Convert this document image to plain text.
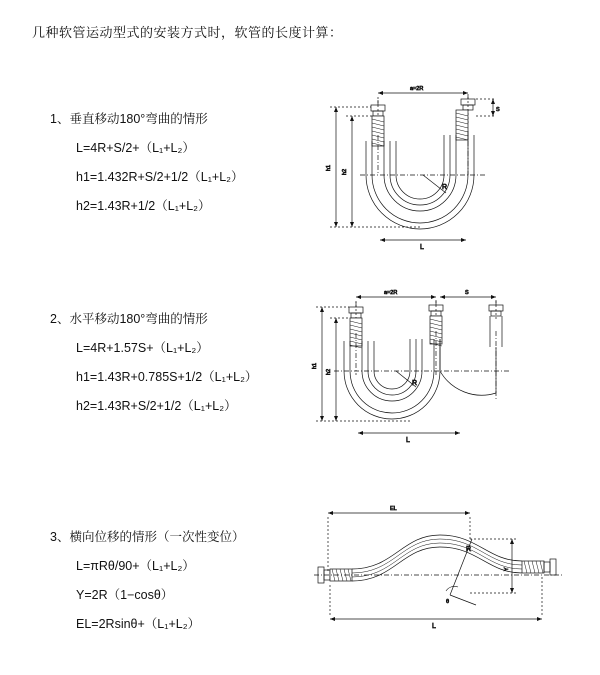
几种软管运动型式的安装方式时，软管的长度计算：
1、垂直移动180°弯曲的情形
L=4R+S/2+（L₁+L₂）
h1=1.432R+S/2+1/2（L₁+L₂）
h2=1.43R+1/2（L₁+L₂）
a=2R
S
h1
h2
R
L
2、水平移动180°弯曲的情形
L=4R+1.57S+（L₁+L₂）
h1=1.43R+0.785S+1/2（L₁+L₂）
h2=1.43R+S/2+1/2（L₁+L₂）
a=2R	S
h1
h2
R
L
3、横向位移的情形（一次性变位）
L=πRθ/90+（L₁+L₂）
Y=2R（1−cosθ）
EL=2Rsinθ+（L₁+L₂）
EL
Y
R
θ
L
